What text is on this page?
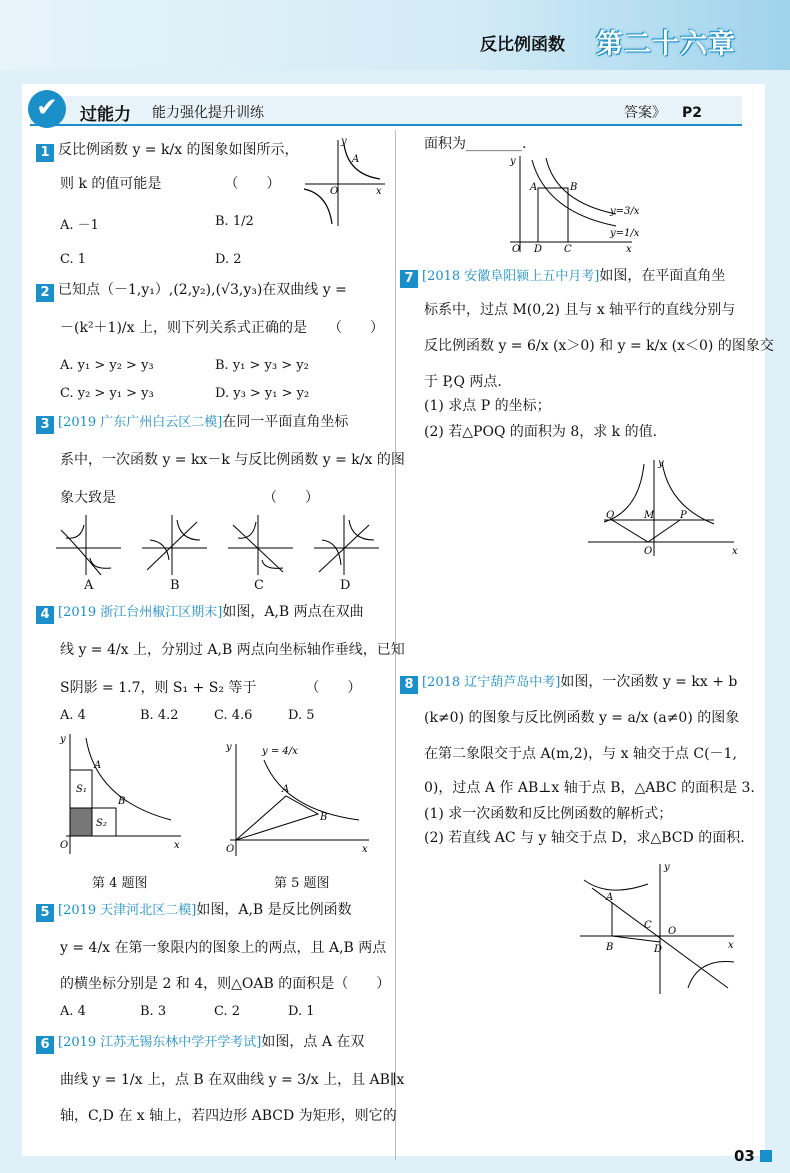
反比例函数 第二十六章
✔	过能力 能力强化提升训练	答案》 P2
1 反比例函数 y = k/x 的图象如图所示，
则 k 的值可能是　　　　　（　　）
A. －1	B. 1/2
C. 1	D. 2
x
y
O
A
2 已知点（－1,y₁）,(2,y₂),(√3,y₃)在双曲线 y =
－(k²＋1)/x 上，则下列关系式正确的是　　（　　）
A. y₁ > y₂ > y₃	B. y₁ > y₃ > y₂
C. y₂ > y₁ > y₃	D. y₃ > y₁ > y₂
3 [2019 广东广州白云区二模]在同一平面直角坐标
系中，一次函数 y = kx－k 与反比例函数 y = k/x 的图
象大致是　　　　　　　　　　　（　　）
A	B	C	D
4 [2019 浙江台州椒江区期末]如图，A,B 两点在双曲
线 y = 4/x 上，分别过 A,B 两点向坐标轴作垂线，已知
S阴影 = 1.7，则 S₁ + S₂ 等于　　　　（　　）
A. 4	B. 4.2	C. 4.6	D. 5
A
B
S₁
S₂
O	x
y
y = 4/x
A
B
O	x
y
第 4 题图	第 5 题图
5 [2019 天津河北区二模]如图，A,B 是反比例函数
y = 4/x 在第一象限内的图象上的两点，且 A,B 两点
的横坐标分别是 2 和 4，则△OAB 的面积是（　　）
A. 4	B. 3	C. 2	D. 1
6 [2019 江苏无锡东林中学开学考试]如图，点 A 在双
曲线 y = 1/x 上，点 B 在双曲线 y = 3/x 上，且 AB∥x
轴，C,D 在 x 轴上，若四边形 ABCD 为矩形，则它的
面积为________.
A	B
D C
O	x
y
y=3/x
y=1/x
7 [2018 安徽阜阳颍上五中月考]如图，在平面直角坐
标系中，过点 M(0,2) 且与 x 轴平行的直线分别与
反比例函数 y = 6/x (x＞0) 和 y = k/x (x＜0) 的图象交
于 P,Q 两点.
(1) 求点 P 的坐标；
(2) 若△POQ 的面积为 8，求 k 的值.
Q	M	P
O	x
y
8 [2018 辽宁葫芦岛中考]如图，一次函数 y = kx + b
(k≠0) 的图象与反比例函数 y = a/x (a≠0) 的图象
在第二象限交于点 A(m,2)，与 x 轴交于点 C(－1,
0)，过点 A 作 AB⊥x 轴于点 B，△ABC 的面积是 3.
(1) 求一次函数和反比例函数的解析式；
(2) 若直线 AC 与 y 轴交于点 D，求△BCD 的面积.
A
B
C
D
O
x
y
03
